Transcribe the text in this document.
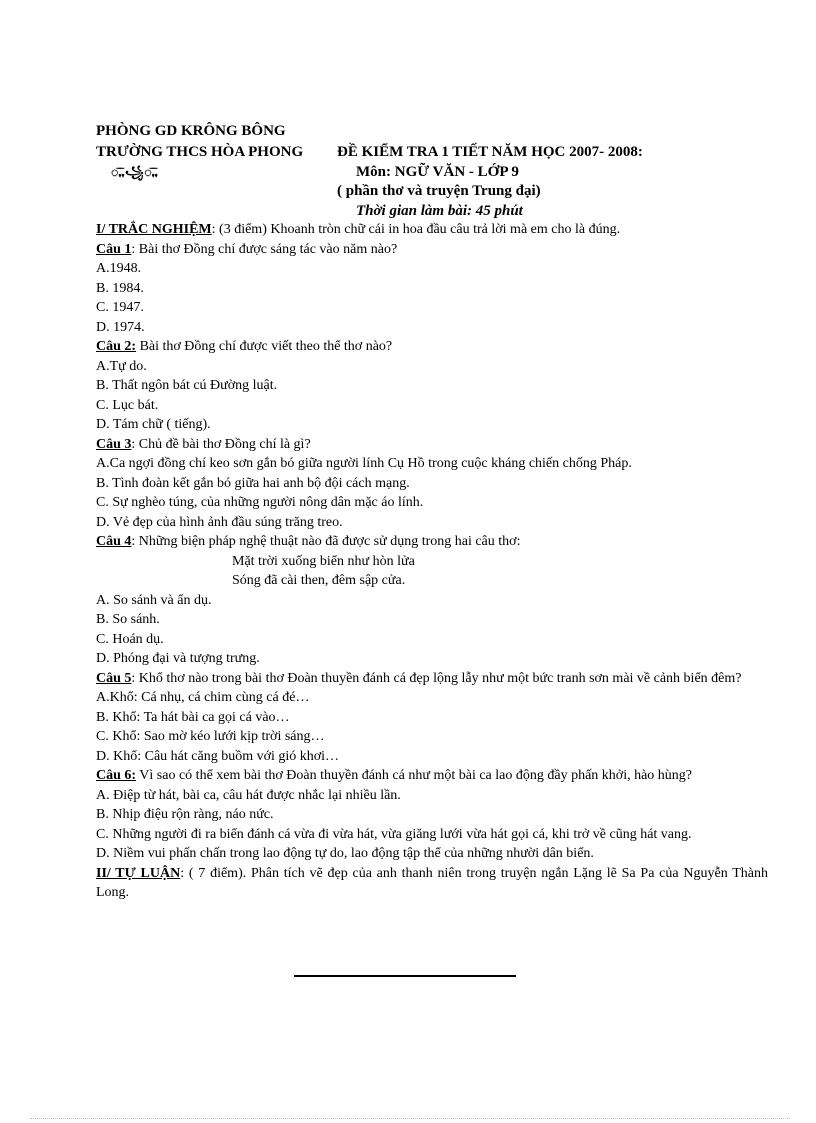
PHÒNG GD KRÔNG BÔNG
TRƯỜNG THCS HÒA PHONG ĐỀ KIỂM TRA 1 TIẾT NĂM HỌC 2007- 2008:
ꩻꩼꩻꩼ꧁ꩻꩼꩻꩼ	Môn: NGỮ VĂN - LỚP 9
( phần thơ và truyện Trung đại)
Thời gian làm bài: 45 phút
I/ TRẮC NGHIỆM: (3 điểm) Khoanh tròn chữ cái in hoa đầu câu trả lời mà em cho là đúng.
Câu 1: Bài thơ Đồng chí được sáng tác vào năm nào?
A.1948.
B. 1984.
C. 1947.
D. 1974.
Câu 2: Bài thơ Đồng chí được viết theo thể thơ nào?
A.Tự do.
B. Thất ngôn bát cú Đường luật.
C. Lục bát.
D. Tám chữ ( tiếng).
Câu 3: Chủ đề bài thơ Đồng chí là gì?
A.Ca ngợi đồng chí keo sơn gắn bó giữa người lính Cụ Hồ trong cuộc kháng chiến chống Pháp.
B. Tình đoàn kết gắn bó giữa hai anh bộ đội cách mạng.
C. Sự nghèo túng, của những người nông dân mặc áo lính.
D. Vẻ đẹp của hình ảnh đầu súng trăng treo.
Câu 4: Những biện pháp nghệ thuật nào đã được sử dụng trong hai câu thơ:
Mặt trời xuống biển như hòn lửa
Sóng đã cài then, đêm sập cửa.
A. So sánh và ẩn dụ.
B. So sánh.
C. Hoán dụ.
D. Phóng đại và tượng trưng.
Câu 5: Khổ thơ nào trong bài thơ Đoàn thuyền đánh cá đẹp lộng lẫy như một bức tranh sơn mài về cảnh biển đêm?
A.Khổ: Cá nhụ, cá chim cùng cá đé…
B. Khổ: Ta hát bài ca gọi cá vào…
C. Khổ: Sao mờ kéo lưới kịp trời sáng…
D. Khổ: Câu hát căng buồm với gió khơi…
Câu 6: Vì sao có thể xem bài thơ Đoàn thuyền đánh cá như một bài ca lao động đầy phấn khởi, hào hùng?
A. Điệp từ hát, bài ca, câu hát được nhắc lại nhiều lần.
B. Nhịp điệu rộn ràng, náo nức.
C. Những người đi ra biển đánh cá vừa đi vừa hát, vừa giăng lưới vừa hát gọi cá, khi trở về cũng hát vang.
D. Niềm vui phấn chấn trong lao động tự do, lao động tập thể của những nhười dân biển.
II/ TỰ LUẬN: ( 7 điểm). Phân tích vẽ đẹp của anh thanh niên trong truyện ngắn Lặng lẽ Sa Pa của Nguyễn Thành Long.
